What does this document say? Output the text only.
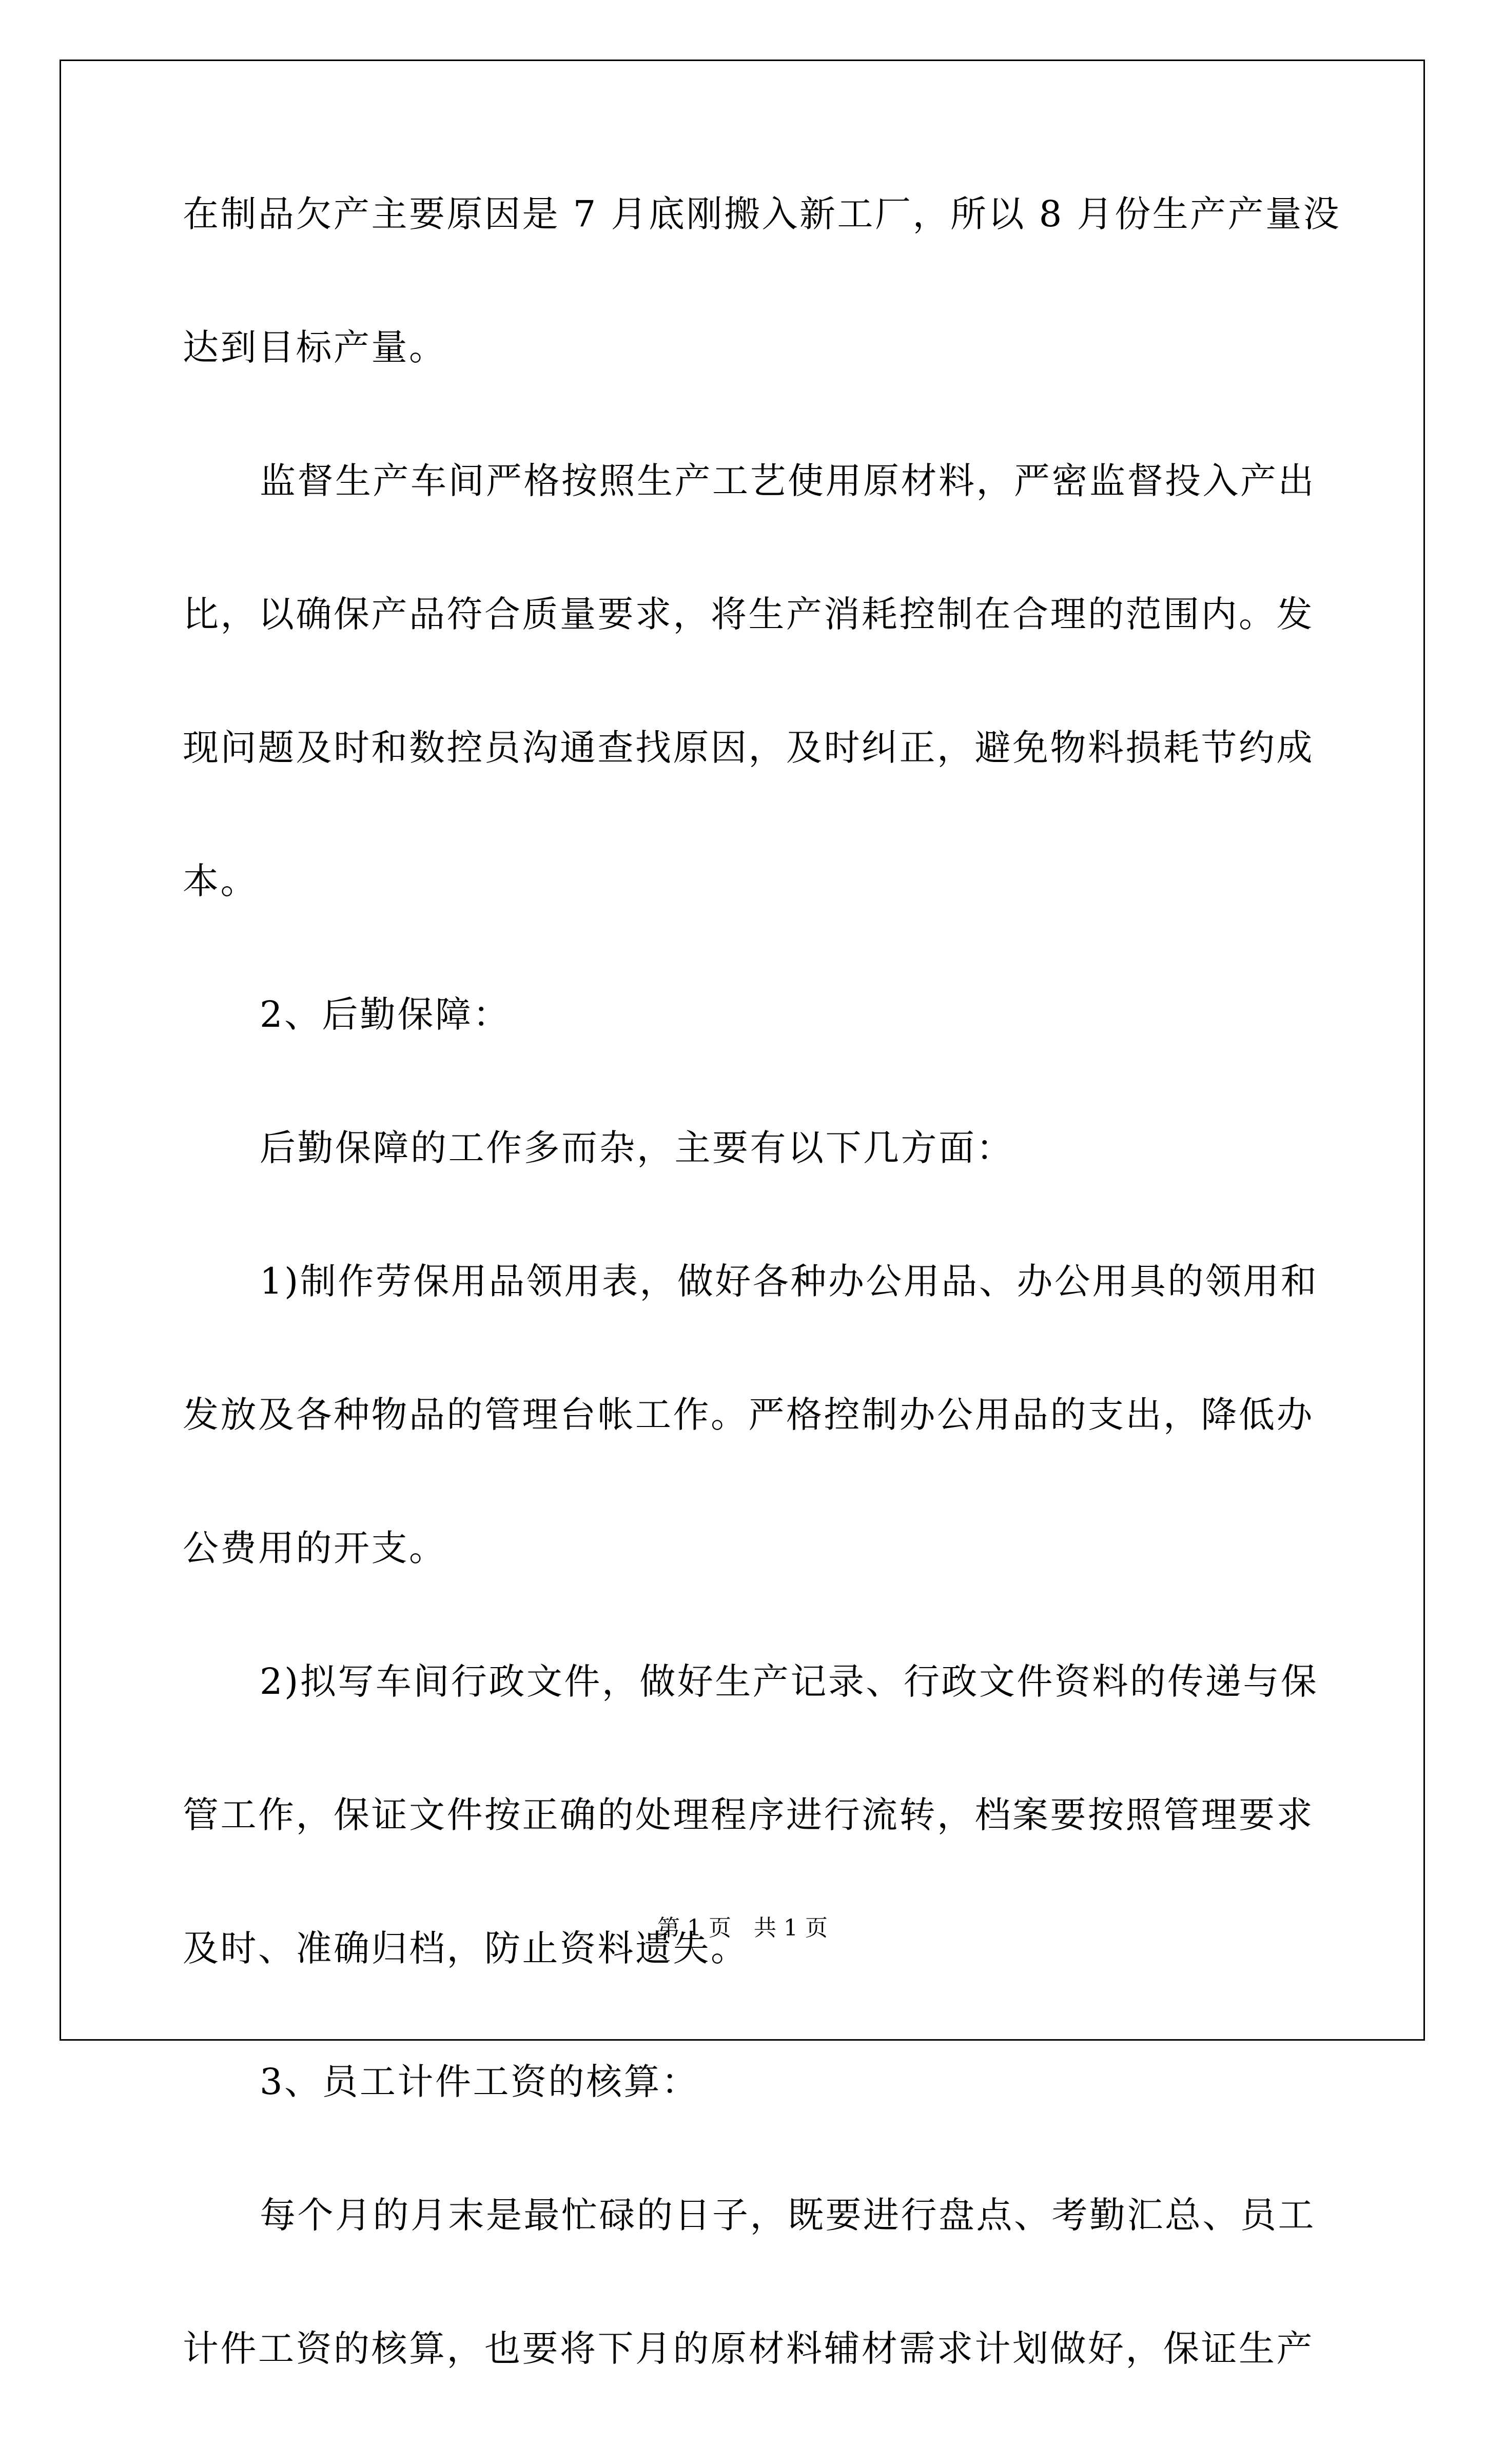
在制品欠产主要原因是 7 月底刚搬入新工厂，所以 8 月份生产产量没
达到目标产量。
监督生产车间严格按照生产工艺使用原材料，严密监督投入产出
比，以确保产品符合质量要求，将生产消耗控制在合理的范围内。发
现问题及时和数控员沟通查找原因，及时纠正，避免物料损耗节约成
本。
2、后勤保障：
后勤保障的工作多而杂，主要有以下几方面：
1)制作劳保用品领用表，做好各种办公用品、办公用具的领用和
发放及各种物品的管理台帐工作。严格控制办公用品的支出，降低办
公费用的开支。
2)拟写车间行政文件，做好生产记录、行政文件资料的传递与保
管工作，保证文件按正确的处理程序进行流转，档案要按照管理要求
及时、准确归档，防止资料遗失。
3、员工计件工资的核算：
每个月的月末是最忙碌的日子，既要进行盘点、考勤汇总、员工
计件工资的核算，也要将下月的原材料辅材需求计划做好，保证生产
第 1 页　共 1 页
